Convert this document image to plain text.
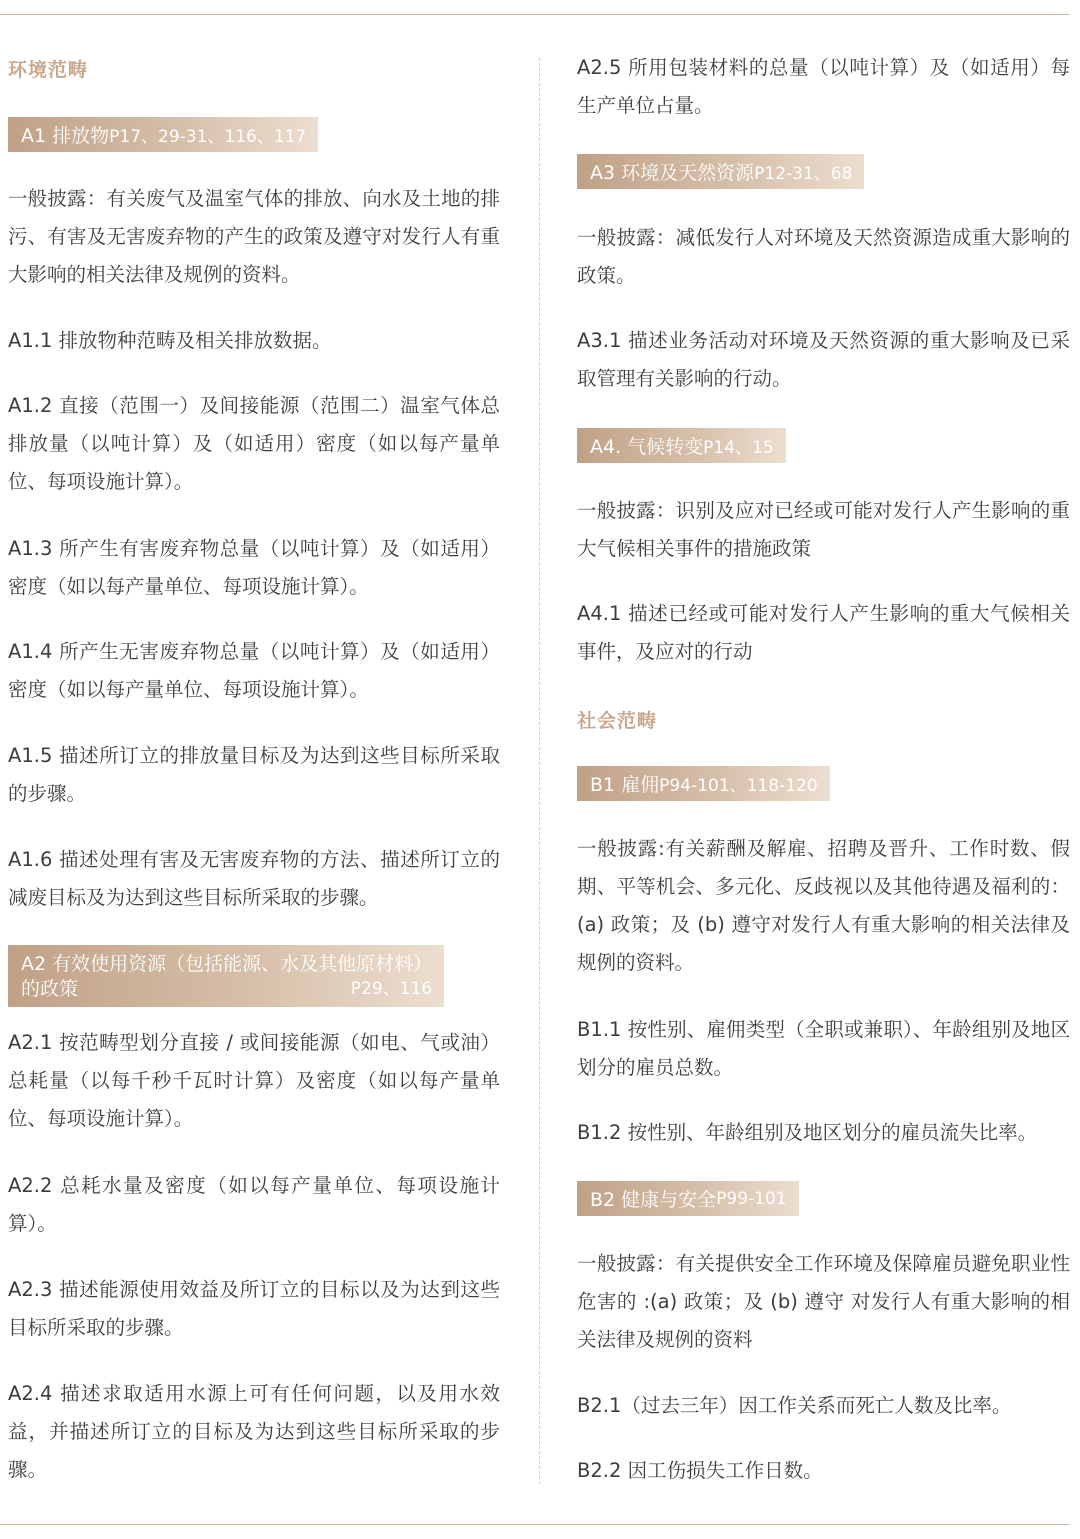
环境范畴
A1 排放物 P17、29-31、116、117
一般披露：有关废气及温室气体的排放、向水及土地的排污、有害及无害废弃物的产生的政策及遵守对发行人有重大影响的相关法律及规例的资料。
A1.1 排放物种范畴及相关排放数据。
A1.2 直接（范围一）及间接能源（范围二）温室气体总排放量（以吨计算）及（如适用）密度（如以每产量单位、每项设施计算）。
A1.3 所产生有害废弃物总量（以吨计算）及（如适用）密度（如以每产量单位、每项设施计算）。
A1.4 所产生无害废弃物总量（以吨计算）及（如适用）密度（如以每产量单位、每项设施计算）。
A1.5 描述所订立的排放量目标及为达到这些目标所采取的步骤。
A1.6 描述处理有害及无害废弃物的方法、描述所订立的减废目标及为达到这些目标所采取的步骤。
A2 有效使用资源（包括能源、水及其他原材料）
的政策	P29、116
A2.1 按范畴型划分直接 / 或间接能源（如电、气或油）总耗量（以每千秒千瓦时计算）及密度（如以每产量单位、每项设施计算）。
A2.2 总耗水量及密度（如以每产量单位、每项设施计算）。
A2.3 描述能源使用效益及所订立的目标以及为达到这些目标所采取的步骤。
A2.4 描述求取适用水源上可有任何问题，以及用水效益，并描述所订立的目标及为达到这些目标所采取的步骤。
A2.5 所用包装材料的总量（以吨计算）及（如适用）每生产单位占量。
A3 环境及天然资源 P12-31、68
一般披露：减低发行人对环境及天然资源造成重大影响的政策。
A3.1 描述业务活动对环境及天然资源的重大影响及已采取管理有关影响的行动。
A4. 气候转变 P14、15
一般披露：识别及应对已经或可能对发行人产生影响的重大气候相关事件的措施政策
A4.1 描述已经或可能对发行人产生影响的重大气候相关事件，及应对的行动
社会范畴
B1 雇佣 P94-101、118-120
一般披露:有关薪酬及解雇、招聘及晋升、工作时数、假期、平等机会、多元化、反歧视以及其他待遇及福利的：(a) 政策；及 (b) 遵守对发行人有重大影响的相关法律及规例的资料。
B1.1 按性别、雇佣类型（全职或兼职）、年龄组别及地区划分的雇员总数。
B1.2 按性别、年龄组别及地区划分的雇员流失比率。
B2 健康与安全 P99-101
一般披露：有关提供安全工作环境及保障雇员避免职业性危害的 :(a) 政策；及 (b) 遵守 对发行人有重大影响的相关法律及规例的资料
B2.1（过去三年）因工作关系而死亡人数及比率。
B2.2 因工伤损失工作日数。
